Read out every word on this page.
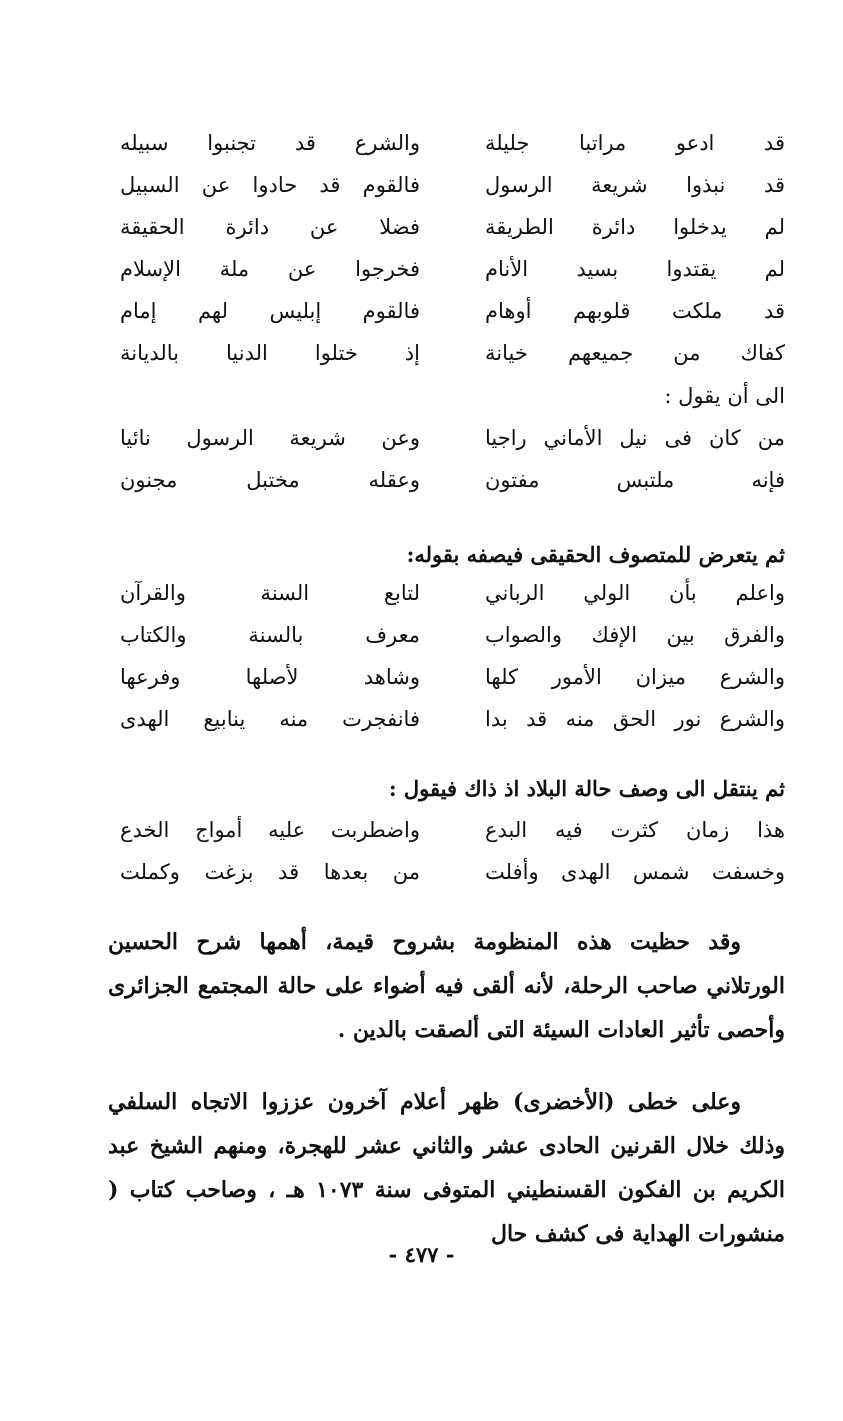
قد ادعو مراتبا جليلة
والشرع قد تجنبوا سبيله
قد نبذوا شريعة الرسول
فالقوم قد حادوا عن السبيل
لم يدخلوا دائرة الطريقة
فضلا عن دائرة الحقيقة
لم يقتدوا بسيد الأنام
فخرجوا عن ملة الإسلام
قد ملكت قلوبهم أوهام
فالقوم إبليس لهم إمام
كفاك من جميعهم خيانة
إذ ختلوا الدنيا بالديانة
الى أن يقول :
من كان فى نيل الأماني راجيا
وعن شريعة الرسول نائيا
فإنه ملتبس مفتون
وعقله مختبل مجنون
ثم يتعرض للمتصوف الحقيقى فيصفه بقوله:
واعلم بأن الولي الرباني
لتابع السنة والقرآن
والفرق بين الإفك والصواب
معرف بالسنة والكتاب
والشرع ميزان الأمور كلها
وشاهد لأصلها وفرعها
والشرع نور الحق منه قد بدا
فانفجرت منه ينابيع الهدى
ثم ينتقل الى وصف حالة البلاد اذ ذاك فيقول :
هذا زمان كثرت فيه البدع
واضطربت عليه أمواج الخدع
وخسفت شمس الهدى وأفلت
من بعدها قد بزغت وكملت

وقد حظيت هذه المنظومة بشروح قيمة، أهمها شرح الحسين الورتلاني صاحب الرحلة، لأنه ألقى فيه أضواء على حالة المجتمع الجزائرى وأحصى تأثير العادات السيئة التى ألصقت بالدين .

وعلى خطى (الأخضرى) ظهر أعلام آخرون عززوا الاتجاه السلفي وذلك خلال القرنين الحادى عشر والثاني عشر للهجرة، ومنهم الشيخ عبد الكريم بن الفكون القسنطيني المتوفى سنة ١٠٧٣ هـ ، وصاحب كتاب ( منشورات الهداية فى كشف حال

- ٤٧٧ -
